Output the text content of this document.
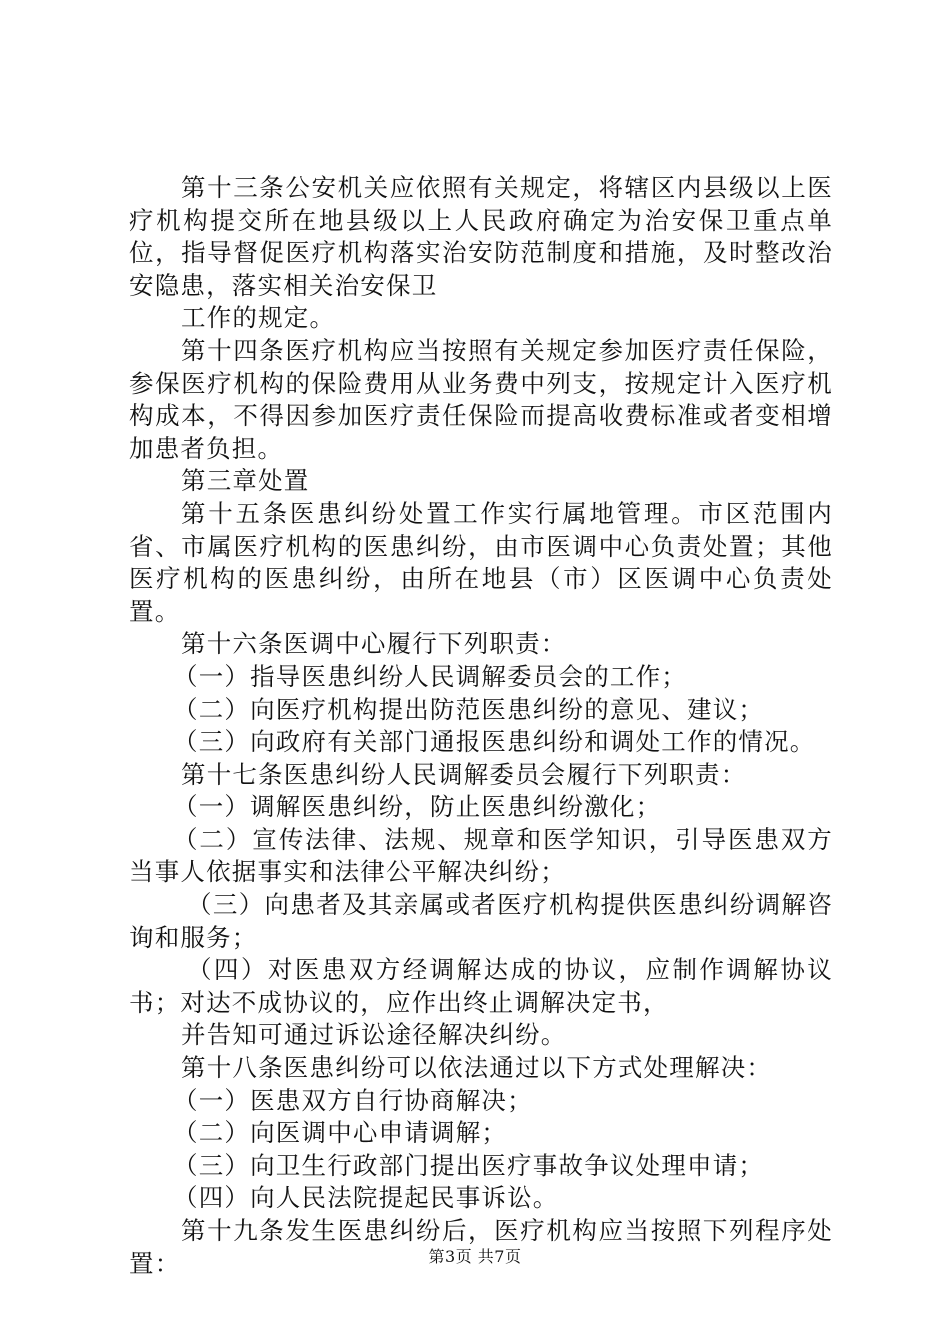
第十三条公安机关应依照有关规定，将辖区内县级以上医疗机构提交所在地县级以上人民政府确定为治安保卫重点单位，指导督促医疗机构落实治安防范制度和措施，及时整改治安隐患，落实相关治安保卫

工作的规定。

第十四条医疗机构应当按照有关规定参加医疗责任保险，参保医疗机构的保险费用从业务费中列支，按规定计入医疗机构成本，不得因参加医疗责任保险而提高收费标准或者变相增加患者负担。

第三章处置

第十五条医患纠纷处置工作实行属地管理。市区范围内省、市属医疗机构的医患纠纷，由市医调中心负责处置；其他医疗机构的医患纠纷，由所在地县（市）区医调中心负责处置。

第十六条医调中心履行下列职责：

（一）指导医患纠纷人民调解委员会的工作；

（二）向医疗机构提出防范医患纠纷的意见、建议；

（三）向政府有关部门通报医患纠纷和调处工作的情况。

第十七条医患纠纷人民调解委员会履行下列职责：

（一）调解医患纠纷，防止医患纠纷激化；

（二）宣传法律、法规、规章和医学知识，引导医患双方当事人依据事实和法律公平解决纠纷；

（三）向患者及其亲属或者医疗机构提供医患纠纷调解咨询和服务；

（四）对医患双方经调解达成的协议，应制作调解协议书；对达不成协议的，应作出终止调解决定书，

并告知可通过诉讼途径解决纠纷。

第十八条医患纠纷可以依法通过以下方式处理解决：

（一）医患双方自行协商解决；

（二）向医调中心申请调解；

（三）向卫生行政部门提出医疗事故争议处理申请；

（四）向人民法院提起民事诉讼。

第十九条发生医患纠纷后，医疗机构应当按照下列程序处置：	第3页 共7页
